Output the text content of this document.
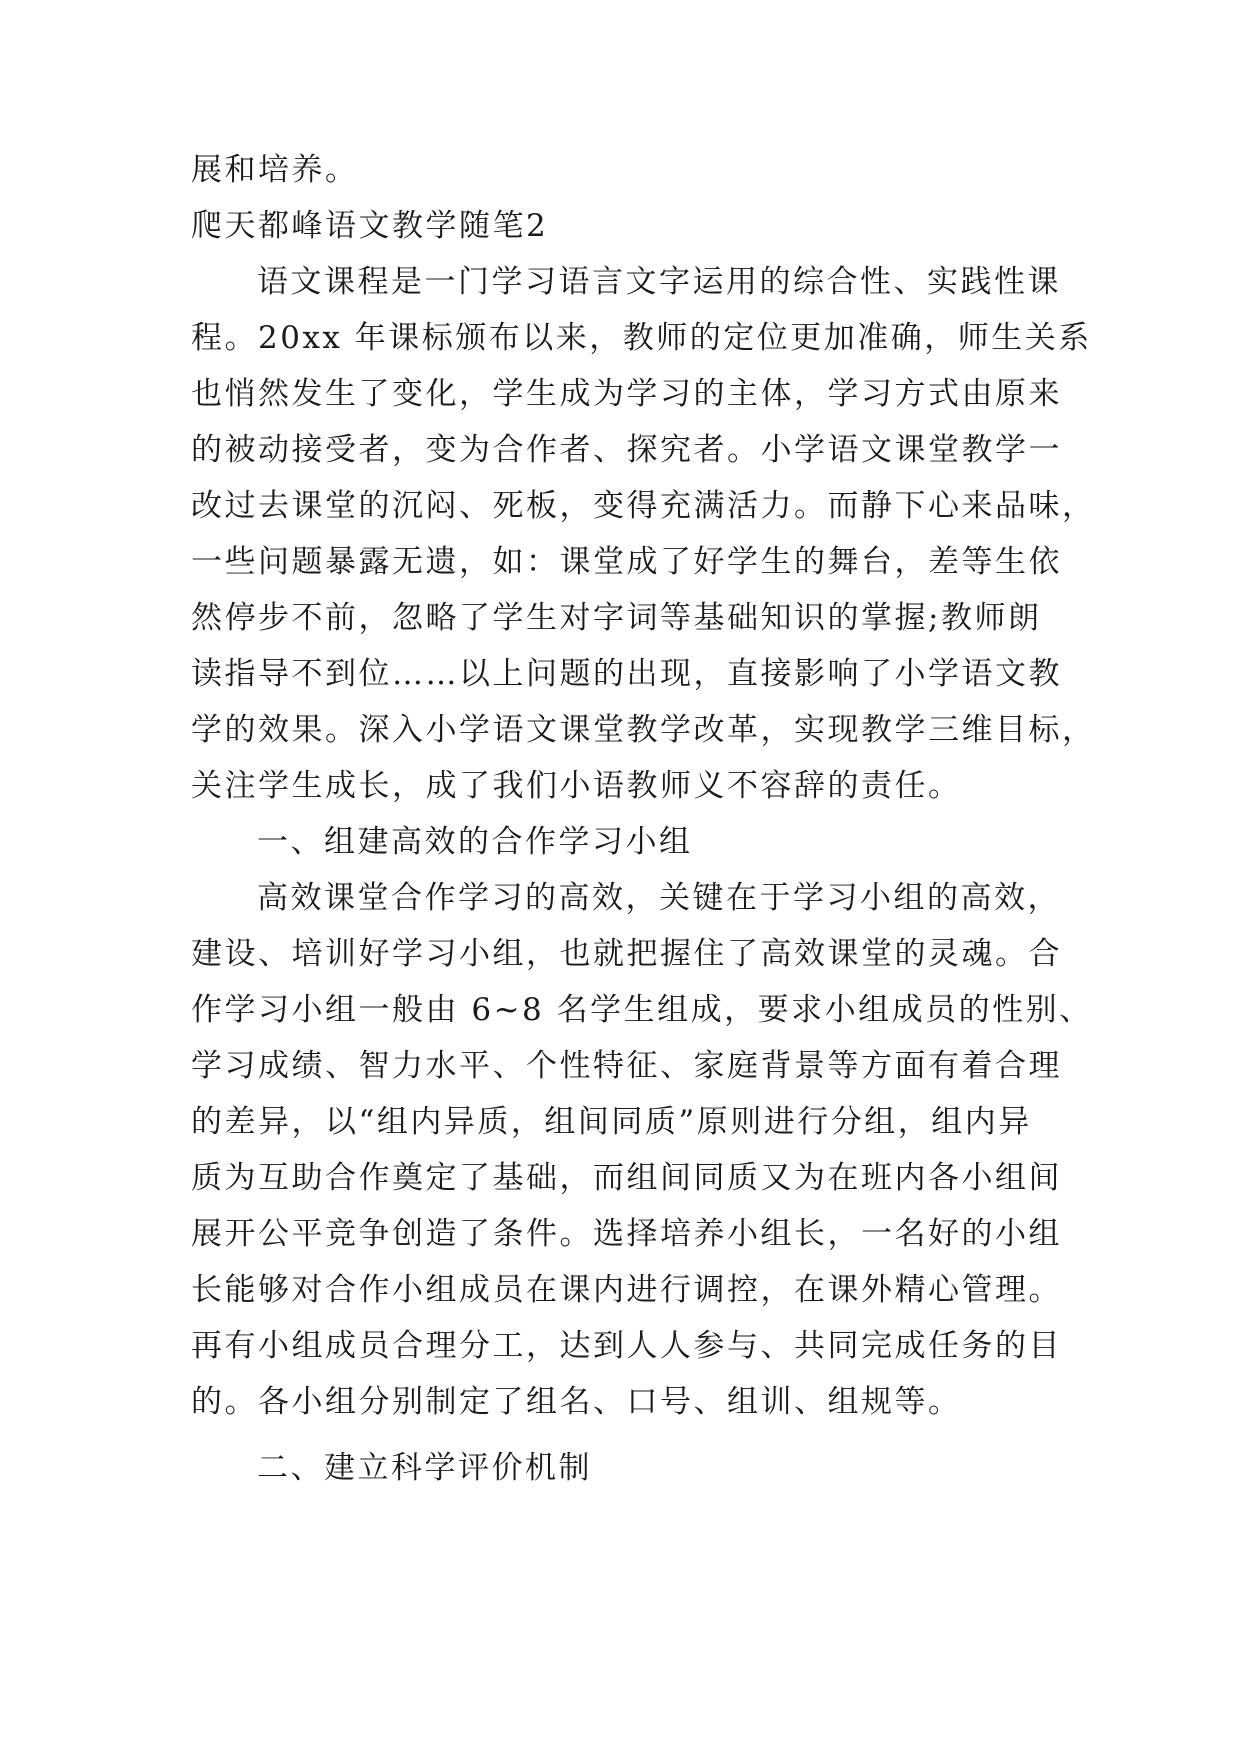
展和培养。
爬天都峰语文教学随笔2
语文课程是一门学习语言文字运用的综合性、实践性课
程。20xx 年课标颁布以来，教师的定位更加准确，师生关系
也悄然发生了变化，学生成为学习的主体，学习方式由原来
的被动接受者，变为合作者、探究者。小学语文课堂教学一
改过去课堂的沉闷、死板，变得充满活力。而静下心来品味，
一些问题暴露无遗，如：课堂成了好学生的舞台，差等生依
然停步不前，忽略了学生对字词等基础知识的掌握;教师朗
读指导不到位……以上问题的出现，直接影响了小学语文教
学的效果。深入小学语文课堂教学改革，实现教学三维目标，
关注学生成长，成了我们小语教师义不容辞的责任。
一、组建高效的合作学习小组
高效课堂合作学习的高效，关键在于学习小组的高效，
建设、培训好学习小组，也就把握住了高效课堂的灵魂。合
作学习小组一般由 6~8 名学生组成，要求小组成员的性别、
学习成绩、智力水平、个性特征、家庭背景等方面有着合理
的差异，以“组内异质，组间同质”原则进行分组，组内异
质为互助合作奠定了基础，而组间同质又为在班内各小组间
展开公平竞争创造了条件。选择培养小组长，一名好的小组
长能够对合作小组成员在课内进行调控，在课外精心管理。
再有小组成员合理分工，达到人人参与、共同完成任务的目
的。各小组分别制定了组名、口号、组训、组规等。
二、建立科学评价机制
